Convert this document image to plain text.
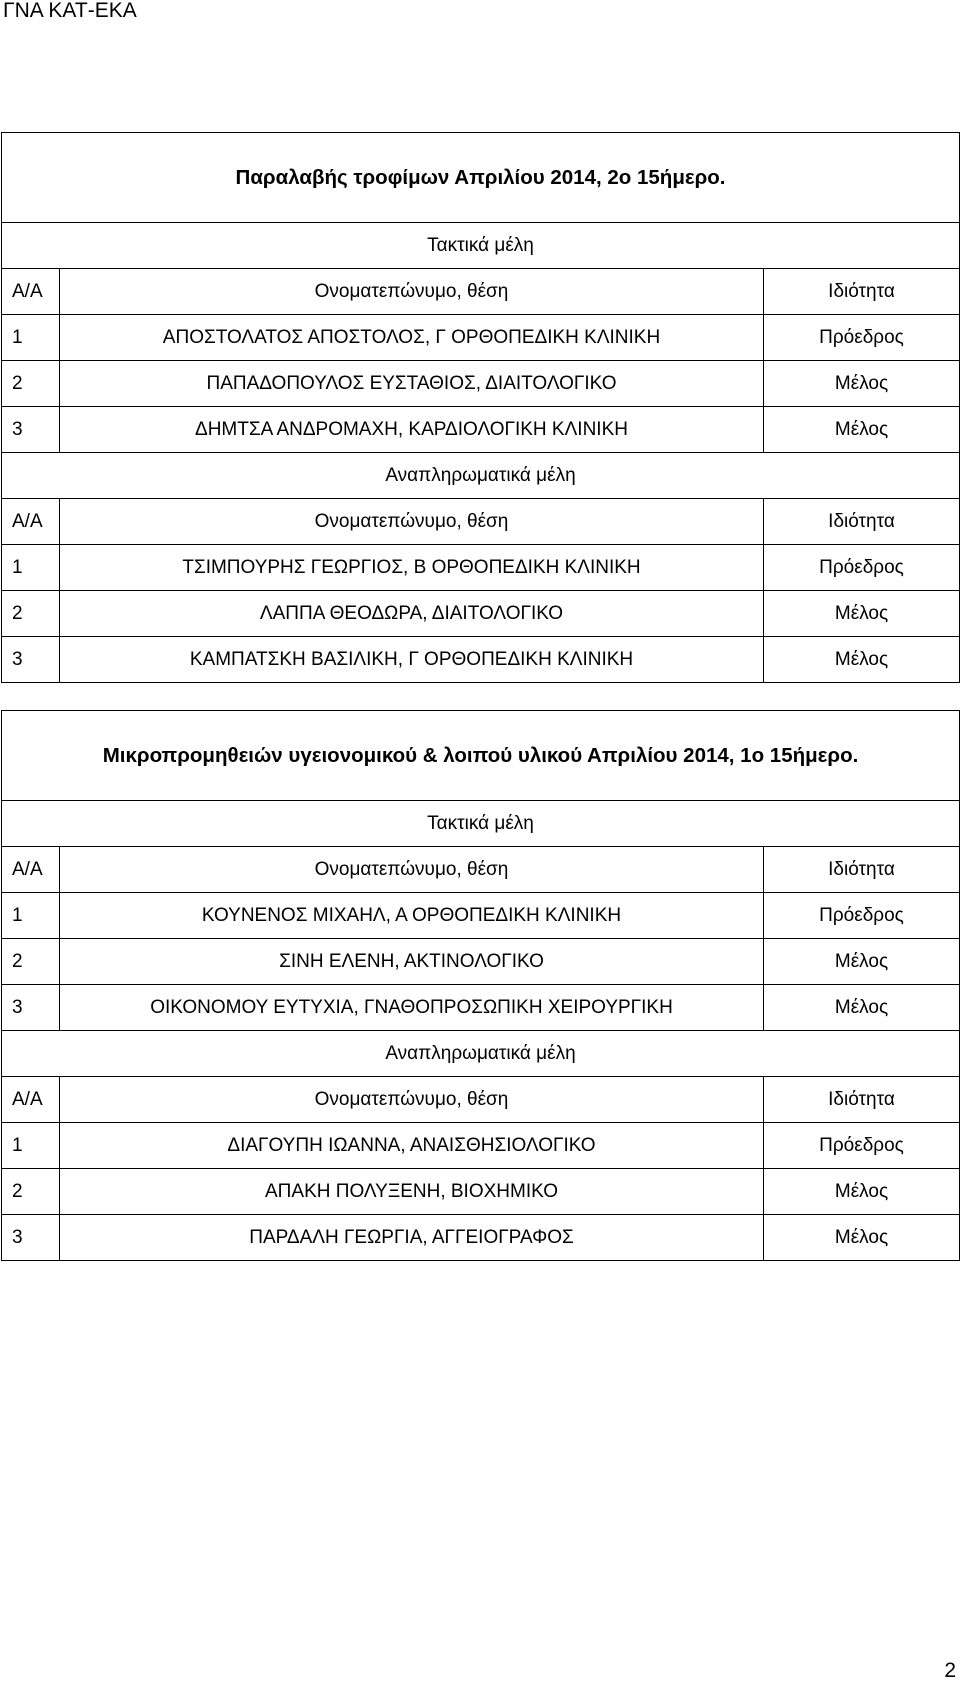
ΓΝΑ ΚΑΤ-ΕΚΑ
Παραλαβής τροφίμων Απριλίου 2014, 2ο 15ήμερο.		
Τακτικά μέλη		
Α/Α	Ονοματεπώνυμο, θέση	Ιδιότητα
1	ΑΠΟΣΤΟΛΑΤΟΣ ΑΠΟΣΤΟΛΟΣ, Γ ΟΡΘΟΠΕΔΙΚΗ ΚΛΙΝΙΚΗ	Πρόεδρος
2	ΠΑΠΑΔΟΠΟΥΛΟΣ ΕΥΣΤΑΘΙΟΣ, ΔΙΑΙΤΟΛΟΓΙΚΟ	Μέλος
3	ΔΗΜΤΣΑ ΑΝΔΡΟΜΑΧΗ, ΚΑΡΔΙΟΛΟΓΙΚΗ ΚΛΙΝΙΚΗ	Μέλος
Αναπληρωματικά μέλη		
Α/Α	Ονοματεπώνυμο, θέση	Ιδιότητα
1	ΤΣΙΜΠΟΥΡΗΣ ΓΕΩΡΓΙΟΣ, Β ΟΡΘΟΠΕΔΙΚΗ ΚΛΙΝΙΚΗ	Πρόεδρος
2	ΛΑΠΠΑ ΘΕΟΔΩΡΑ, ΔΙΑΙΤΟΛΟΓΙΚΟ	Μέλος
3	ΚΑΜΠΑΤΣΚΗ ΒΑΣΙΛΙΚΗ, Γ ΟΡΘΟΠΕΔΙΚΗ ΚΛΙΝΙΚΗ	Μέλος
Μικροπρομηθειών υγειονομικού & λοιπού υλικού Απριλίου 2014, 1ο 15ήμερο.		
Τακτικά μέλη		
Α/Α	Ονοματεπώνυμο, θέση	Ιδιότητα
1	ΚΟΥΝΕΝΟΣ ΜΙΧΑΗΛ, Α ΟΡΘΟΠΕΔΙΚΗ ΚΛΙΝΙΚΗ	Πρόεδρος
2	ΣΙΝΗ ΕΛΕΝΗ, ΑΚΤΙΝΟΛΟΓΙΚΟ	Μέλος
3	ΟΙΚΟΝΟΜΟΥ ΕΥΤΥΧΙΑ, ΓΝΑΘΟΠΡΟΣΩΠΙΚΗ ΧΕΙΡΟΥΡΓΙΚΗ	Μέλος
Αναπληρωματικά μέλη		
Α/Α	Ονοματεπώνυμο, θέση	Ιδιότητα
1	ΔΙΑΓΟΥΠΗ ΙΩΑΝΝΑ, ΑΝΑΙΣΘΗΣΙΟΛΟΓΙΚΟ	Πρόεδρος
2	ΑΠΑΚΗ ΠΟΛΥΞΕΝΗ, ΒΙΟΧΗΜΙΚΟ	Μέλος
3	ΠΑΡΔΑΛΗ ΓΕΩΡΓΙΑ, ΑΓΓΕΙΟΓΡΑΦΟΣ	Μέλος
2
